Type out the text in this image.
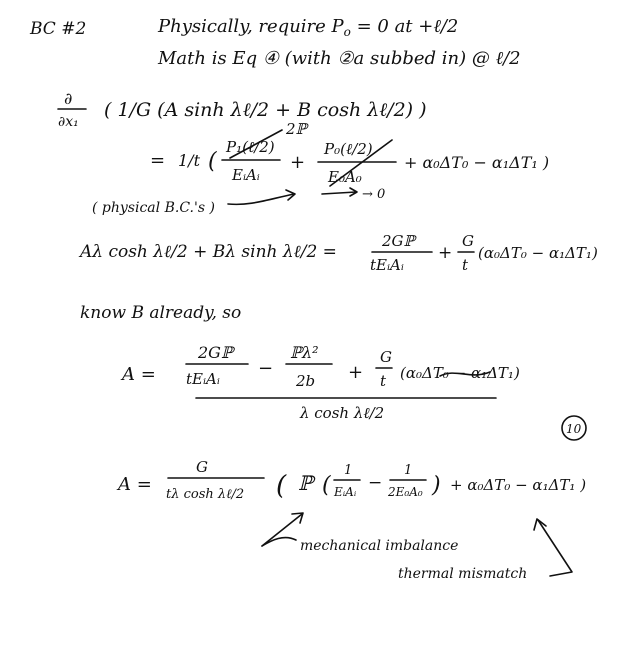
BC #2	Physically, require $P_o = 0$ at +ℓ/2
Math is Eq ④ (with ②a subbed in) @ ℓ/2
∂
∂x₁
( 1/G (A sinh λℓ/2 + B cosh λℓ/2) )
= 1/t (
P₁(ℓ/2)
EᵢAᵢ
2ℙ
+
P₀(ℓ/2)
E₀A₀
+ α₀ΔT₀ − α₁ΔT₁ )
→ 0
( physical B.C.'s )
Aλ cosh λℓ/2 + Bλ sinh λℓ/2 =
2Gℙ
tEᵢAᵢ
+
G
t
(α₀ΔT₀ − α₁ΔT₁)
know B already, so
A =
2Gℙ
tEᵢAᵢ −
ℙλ²
2b +
G
t (α₀ΔT₀ − α₁ΔT₁)
λ cosh λℓ/2
10
A =
G
tλ cosh λℓ/2 ( ℙ (
1
EᵢAᵢ −
1
2E₀A₀ ) + α₀ΔT₀ − α₁ΔT₁ )
mechanical imbalance
thermal mismatch
